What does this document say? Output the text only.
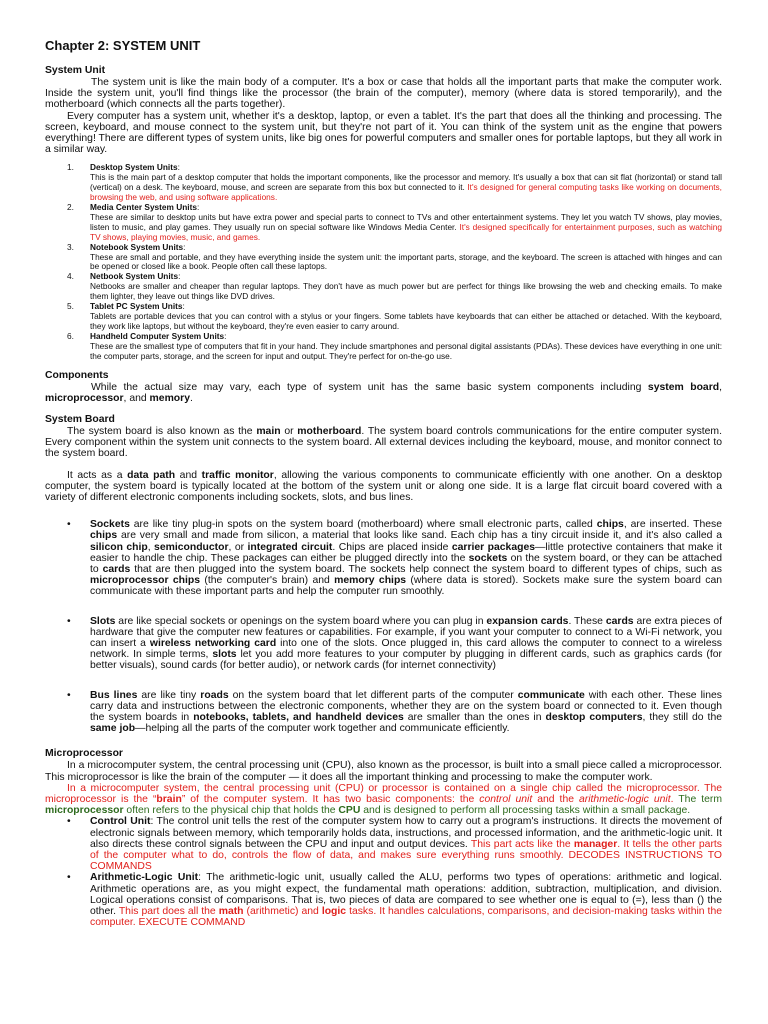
Chapter 2: SYSTEM UNIT
System Unit

The system unit is like the main body of a computer. It's a box or case that holds all the important parts that make the computer work. Inside the system unit, you'll find things like the processor (the brain of the computer), memory (where data is stored temporarily), and the motherboard (which connects all the parts together).

Every computer has a system unit, whether it's a desktop, laptop, or even a tablet. It's the part that does all the thinking and processing. The screen, keyboard, and mouse connect to the system unit, but they're not part of it. You can think of the system unit as the engine that powers everything! There are different types of system units, like big ones for powerful computers and smaller ones for portable laptops, but they all work in a similar way.

1. Desktop System Units:
This is the main part of a desktop computer that holds the important components, like the processor and memory. It's usually a box that can sit flat (horizontal) or stand tall (vertical) on a desk. The keyboard, mouse, and screen are separate from this box but connected to it. It's designed for general computing tasks like working on documents, browsing the web, and using software applications.
2. Media Center System Units:
These are similar to desktop units but have extra power and special parts to connect to TVs and other entertainment systems. They let you watch TV shows, play movies, listen to music, and play games. They usually run on special software like Windows Media Center. It's designed specifically for entertainment purposes, such as watching TV shows, playing movies, music, and games.
3. Notebook System Units:
These are small and portable, and they have everything inside the system unit: the important parts, storage, and the keyboard. The screen is attached with hinges and can be opened or closed like a book. People often call these laptops.
4. Netbook System Units:
Netbooks are smaller and cheaper than regular laptops. They don't have as much power but are perfect for things like browsing the web and checking emails. To make them lighter, they leave out things like DVD drives.
5. Tablet PC System Units:
Tablets are portable devices that you can control with a stylus or your fingers. Some tablets have keyboards that can either be attached or detached. With the keyboard, they work like laptops, but without the keyboard, they're even easier to carry around.
6. Handheld Computer System Units:
These are the smallest type of computers that fit in your hand. They include smartphones and personal digital assistants (PDAs). These devices have everything in one unit: the computer parts, storage, and the screen for input and output. They're perfect for on-the-go use.
Components

While the actual size may vary, each type of system unit has the same basic system components including system board, microprocessor, and memory.

System Board

The system board is also known as the main or motherboard. The system board controls communications for the entire computer system. Every component within the system unit connects to the system board. All external devices including the keyboard, mouse, and monitor connect to the system board.

It acts as a data path and traffic monitor, allowing the various components to communicate efficiently with one another. On a desktop computer, the system board is typically located at the bottom of the system unit or along one side. It is a large flat circuit board covered with a variety of different electronic components including sockets, slots, and bus lines.

• Sockets are like tiny plug-in spots on the system board (motherboard) where small electronic parts, called chips, are inserted. These chips are very small and made from silicon, a material that looks like sand. Each chip has a tiny circuit inside it, and it's also called a silicon chip, semiconductor, or integrated circuit. Chips are placed inside carrier packages—little protective containers that make it easier to handle the chip. These packages can either be plugged directly into the sockets on the system board, or they can be attached to cards that are then plugged into the system board. The sockets help connect the system board to different types of chips, such as microprocessor chips (the computer's brain) and memory chips (where data is stored). Sockets make sure the system board can communicate with these important parts and help the computer run smoothly.
• Slots are like special sockets or openings on the system board where you can plug in expansion cards. These cards are extra pieces of hardware that give the computer new features or capabilities. For example, if you want your computer to connect to a Wi-Fi network, you can insert a wireless networking card into one of the slots. Once plugged in, this card allows the computer to connect to a wireless network. In simple terms, slots let you add more features to your computer by plugging in different cards, such as graphics cards (for better visuals), sound cards (for better audio), or network cards (for internet connectivity)
• Bus lines are like tiny roads on the system board that let different parts of the computer communicate with each other. These lines carry data and instructions between the electronic components, whether they are on the system board or connected to it. Even though the system boards in notebooks, tablets, and handheld devices are smaller than the ones in desktop computers, they still do the same job—helping all the parts of the computer work together and communicate efficiently.
Microprocessor

In a microcomputer system, the central processing unit (CPU), also known as the processor, is built into a small piece called a microprocessor. This microprocessor is like the brain of the computer — it does all the important thinking and processing to make the computer work.

In a microcomputer system, the central processing unit (CPU) or processor is contained on a single chip called the microprocessor. The microprocessor is the “brain” of the computer system. It has two basic components: the control unit and the arithmetic-logic unit. The term microprocessor often refers to the physical chip that holds the CPU and is designed to perform all processing tasks within a small package.

• Control Unit: The control unit tells the rest of the computer system how to carry out a program's instructions. It directs the movement of electronic signals between memory, which temporarily holds data, instructions, and processed information, and the arithmetic-logic unit. It also directs these control signals between the CPU and input and output devices. This part acts like the manager. It tells the other parts of the computer what to do, controls the flow of data, and makes sure everything runs smoothly. DECODES INSTRUCTIONS TO COMMANDS
• Arithmetic-Logic Unit: The arithmetic-logic unit, usually called the ALU, performs two types of operations: arithmetic and logical. Arithmetic operations are, as you might expect, the fundamental math operations: addition, subtraction, multiplication, and division. Logical operations consist of comparisons. That is, two pieces of data are compared to see whether one is equal to (=), less than () the other. This part does all the math (arithmetic) and logic tasks. It handles calculations, comparisons, and decision-making tasks within the computer. EXECUTE COMMAND
